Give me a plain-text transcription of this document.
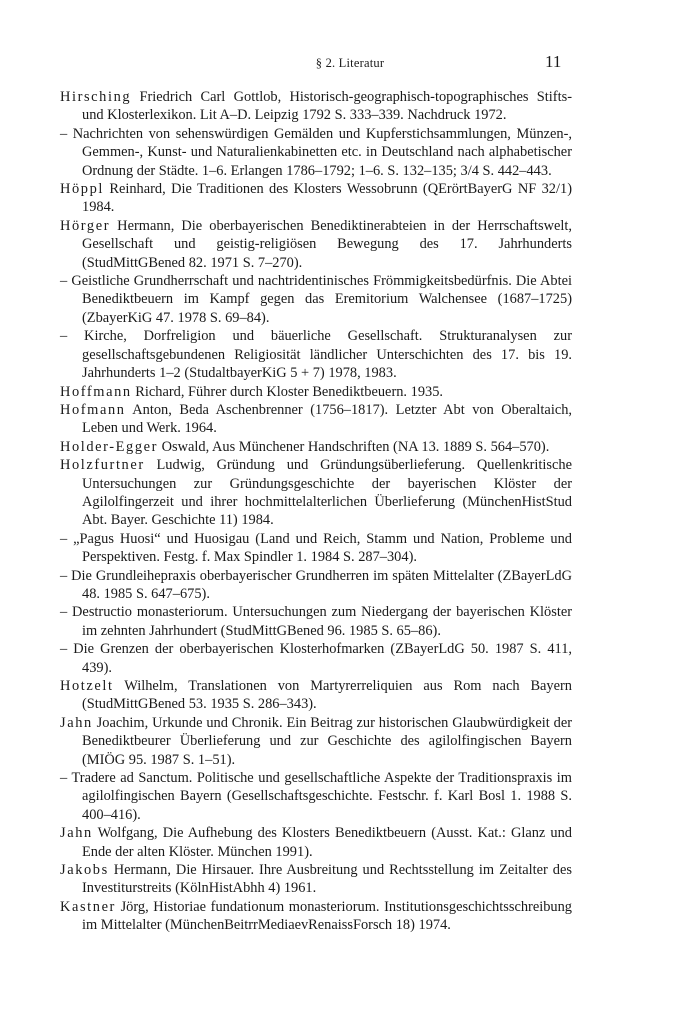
§ 2. Literatur	11

Hirsching Friedrich Carl Gottlob, Historisch-geographisch-topographisches Stifts- und Klosterlexikon. Lit A–D. Leipzig 1792 S. 333–339. Nachdruck 1972.

– Nachrichten von sehenswürdigen Gemälden und Kupferstichsammlungen, Münzen-, Gemmen-, Kunst- und Naturalienkabinetten etc. in Deutschland nach alphabetischer Ordnung der Städte. 1–6. Erlangen 1786–1792; 1–6. S. 132–135; 3/4 S. 442–443.

Höppl Reinhard, Die Traditionen des Klosters Wessobrunn (QErörtBayerG NF 32/1) 1984.

Hörger Hermann, Die oberbayerischen Benediktinerabteien in der Herrschaftswelt, Gesellschaft und geistig-religiösen Bewegung des 17. Jahrhunderts (StudMittGBened 82. 1971 S. 7–270).

– Geistliche Grundherrschaft und nachtridentinisches Frömmigkeitsbedürfnis. Die Abtei Benediktbeuern im Kampf gegen das Eremitorium Walchensee (1687–1725) (ZbayerKiG 47. 1978 S. 69–84).

– Kirche, Dorfreligion und bäuerliche Gesellschaft. Strukturanalysen zur gesellschaftsgebundenen Religiosität ländlicher Unterschichten des 17. bis 19. Jahrhunderts 1–2 (StudaltbayerKiG 5 + 7) 1978, 1983.

Hoffmann Richard, Führer durch Kloster Benediktbeuern. 1935.

Hofmann Anton, Beda Aschenbrenner (1756–1817). Letzter Abt von Oberaltaich, Leben und Werk. 1964.

Holder-Egger Oswald, Aus Münchener Handschriften (NA 13. 1889 S. 564–570).

Holzfurtner Ludwig, Gründung und Gründungsüberlieferung. Quellenkritische Untersuchungen zur Gründungsgeschichte der bayerischen Klöster der Agilolfingerzeit und ihrer hochmittelalterlichen Überlieferung (MünchenHistStud Abt. Bayer. Geschichte 11) 1984.

– „Pagus Huosi“ und Huosigau (Land und Reich, Stamm und Nation, Probleme und Perspektiven. Festg. f. Max Spindler 1. 1984 S. 287–304).

– Die Grundleihepraxis oberbayerischer Grundherren im späten Mittelalter (ZBayerLdG 48. 1985 S. 647–675).

– Destructio monasteriorum. Untersuchungen zum Niedergang der bayerischen Klöster im zehnten Jahrhundert (StudMittGBened 96. 1985 S. 65–86).

– Die Grenzen der oberbayerischen Klosterhofmarken (ZBayerLdG 50. 1987 S. 411, 439).

Hotzelt Wilhelm, Translationen von Martyrerreliquien aus Rom nach Bayern (StudMittGBened 53. 1935 S. 286–343).

Jahn Joachim, Urkunde und Chronik. Ein Beitrag zur historischen Glaubwürdigkeit der Benediktbeurer Überlieferung und zur Geschichte des agilolfingischen Bayern (MIÖG 95. 1987 S. 1–51).

– Tradere ad Sanctum. Politische und gesellschaftliche Aspekte der Traditionspraxis im agilolfingischen Bayern (Gesellschaftsgeschichte. Festschr. f. Karl Bosl 1. 1988 S. 400–416).

Jahn Wolfgang, Die Aufhebung des Klosters Benediktbeuern (Ausst. Kat.: Glanz und Ende der alten Klöster. München 1991).

Jakobs Hermann, Die Hirsauer. Ihre Ausbreitung und Rechtsstellung im Zeitalter des Investiturstreits (KölnHistAbhh 4) 1961.

Kastner Jörg, Historiae fundationum monasteriorum. Institutionsgeschichtsschreibung im Mittelalter (MünchenBeitrrMediaevRenaissForsch 18) 1974.
